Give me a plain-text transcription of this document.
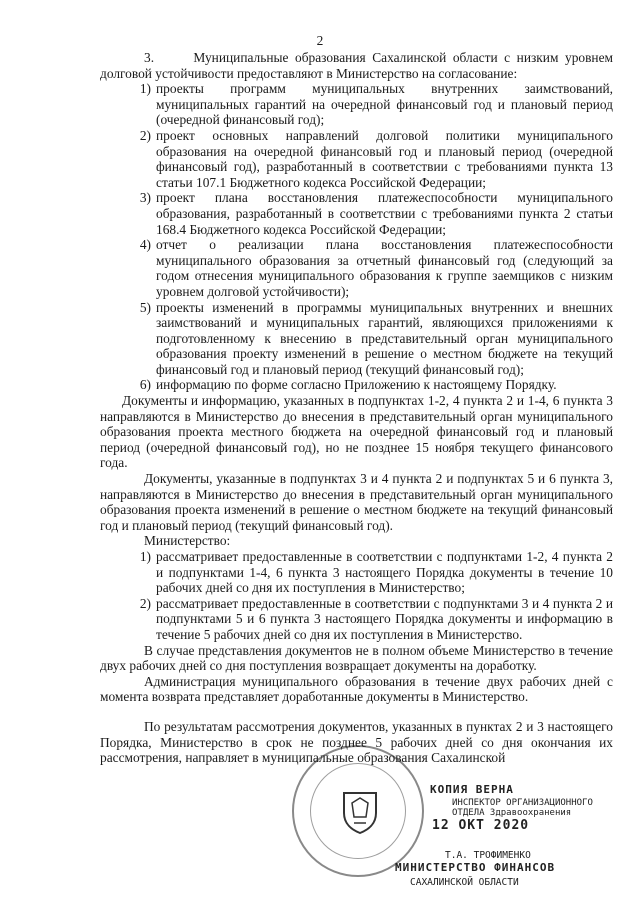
2

3.      Муниципальные образования Сахалинской области с низким уровнем долговой устойчивости предоставляют в Министерство на согласование:

1) проекты программ муниципальных внутренних заимствований, муниципальных гарантий на очередной финансовый год и плановый период (очередной финансовый год);
2) проект основных направлений долговой политики муниципального образования на очередной финансовый год и плановый период (очередной финансовый год), разработанный в соответствии с требованиями пункта 13 статьи 107.1 Бюджетного кодекса Российской Федерации;
3) проект плана восстановления платежеспособности муниципального образования, разработанный в соответствии с требованиями пункта 2 статьи 168.4 Бюджетного кодекса Российской Федерации;
4) отчет о реализации плана восстановления платежеспособности муниципального образования за отчетный финансовый год (следующий за годом отнесения муниципального образования к группе заемщиков с низким уровнем долговой устойчивости);
5) проекты изменений в программы муниципальных внутренних и внешних заимствований и муниципальных гарантий, являющихся приложениями к подготовленному к внесению в представительный орган муниципального образования проекту изменений в решение о местном бюджете на текущий финансовый год и плановый период (текущий финансовый год);
6) информацию по форме согласно Приложению к настоящему Порядку.

Документы и информацию, указанных в подпунктах 1-2, 4 пункта 2 и 1-4, 6 пункта 3 направляются в Министерство до внесения в представительный орган муниципального образования проекта местного бюджета на очередной финансовый год и плановый период (очередной финансовый год), но не позднее 15 ноября текущего финансового года.

Документы, указанные в подпунктах 3 и 4 пункта 2 и подпунктах 5 и 6 пункта 3, направляются в Министерство до внесения в представительный орган муниципального образования проекта изменений в решение о местном бюджете на текущий финансовый год и плановый период (текущий финансовый год).

Министерство:

1) рассматривает предоставленные в соответствии с подпунктами 1-2, 4 пункта 2 и подпунктами 1-4, 6 пункта 3 настоящего Порядка документы в течение 10 рабочих дней со дня их поступления в Министерство;
2) рассматривает предоставленные в соответствии с подпунктами 3 и 4 пункта 2 и подпунктами 5 и 6 пункта 3 настоящего Порядка документы и информацию в течение 5 рабочих дней со дня их поступления в Министерство.

В случае представления документов не в полном объеме Министерство в течение двух рабочих дней со дня поступления возвращает документы на доработку.

Администрация муниципального образования в течение двух рабочих дней с момента возврата представляет доработанные документы в Министерство.

По результатам рассмотрения документов, указанных в пунктах 2 и 3 настоящего Порядка, Министерство в срок не позднее 5 рабочих дней со дня окончания их рассмотрения, направляет в муниципальные образования Сахалинской

КОПИЯ ВЕРНА
ИНСПЕКТОР ОРГАНИЗАЦИОННОГО
ОТДЕЛА Здравоохранения
12 ОКТ 2020
Т.А. ТРОФИМЕНКО
МИНИСТЕРСТВО ФИНАНСОВ
САХАЛИНСКОЙ ОБЛАСТИ
